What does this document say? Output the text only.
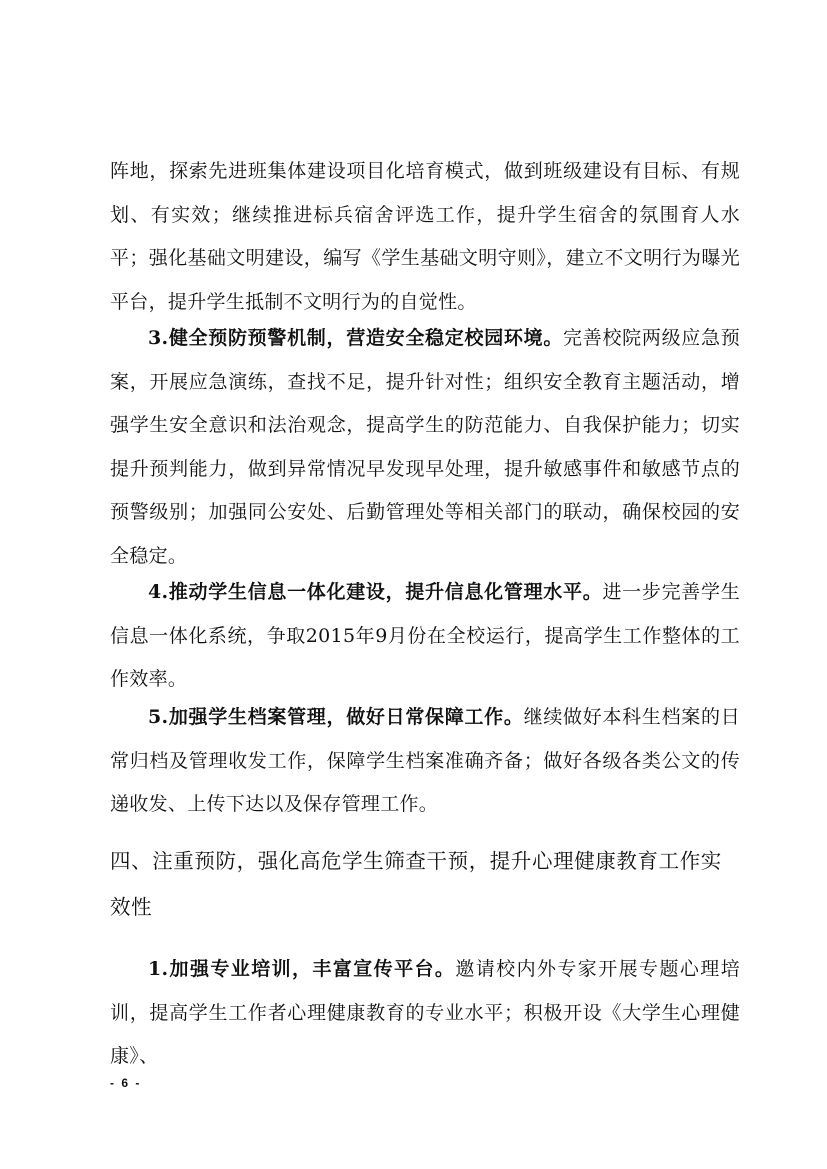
阵地，探索先进班集体建设项目化培育模式，做到班级建设有目标、有规划、有实效；继续推进标兵宿舍评选工作，提升学生宿舍的氛围育人水平；强化基础文明建设，编写《学生基础文明守则》，建立不文明行为曝光平台，提升学生抵制不文明行为的自觉性。

3.健全预防预警机制，营造安全稳定校园环境。完善校院两级应急预案，开展应急演练，查找不足，提升针对性；组织安全教育主题活动，增强学生安全意识和法治观念，提高学生的防范能力、自我保护能力；切实提升预判能力，做到异常情况早发现早处理，提升敏感事件和敏感节点的预警级别；加强同公安处、后勤管理处等相关部门的联动，确保校园的安全稳定。

4.推动学生信息一体化建设，提升信息化管理水平。进一步完善学生信息一体化系统，争取2015年9月份在全校运行，提高学生工作整体的工作效率。

5.加强学生档案管理，做好日常保障工作。继续做好本科生档案的日常归档及管理收发工作，保障学生档案准确齐备；做好各级各类公文的传递收发、上传下达以及保存管理工作。

四、注重预防，强化高危学生筛查干预，提升心理健康教育工作实效性

1.加强专业培训，丰富宣传平台。邀请校内外专家开展专题心理培训，提高学生工作者心理健康教育的专业水平；积极开设《大学生心理健康》、

- 6 -
